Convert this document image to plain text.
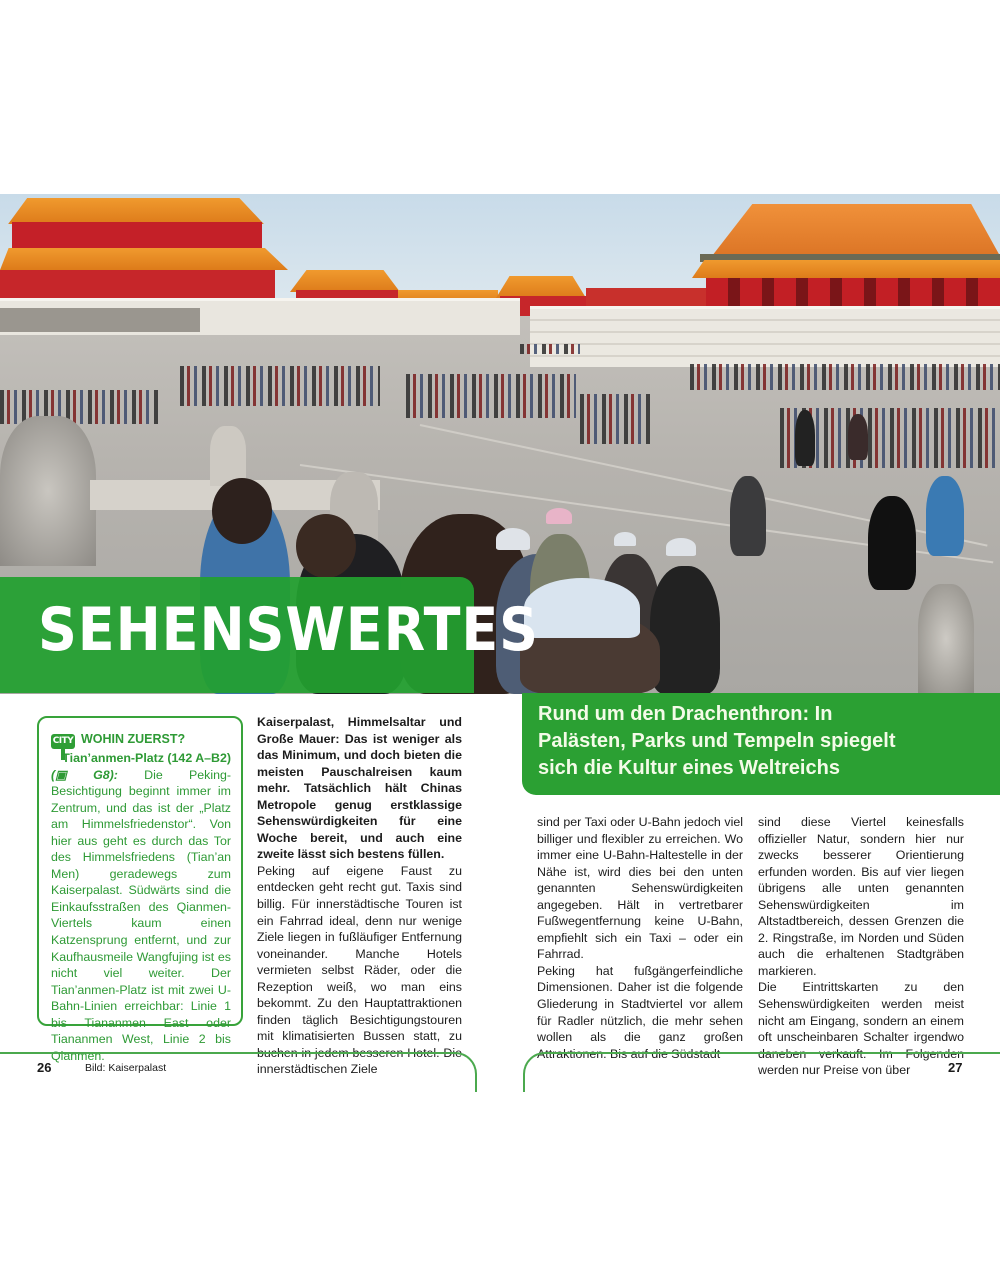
SEHENSWERTES

Rund um den Drachenthron: In
Palästen, Parks und Tempeln spiegelt
sich die Kultur eines Weltreichs

CITY WOHIN ZUERST?
Tian’anmen-Platz (142 A–B2)
(▣ G8): Die Peking-Besichtigung beginnt immer im Zentrum, und das ist der „Platz am Himmelsfriedenstor“. Von hier aus geht es durch das Tor des Himmelsfriedens (Tian’an Men) geradewegs zum Kaiserpalast. Südwärts sind die Einkaufsstraßen des Qianmen-Viertels kaum einen Katzensprung entfernt, und zur Kaufhausmeile Wangfujing ist es nicht viel weiter. Der Tian’anmen-Platz ist mit zwei U-Bahn-Linien erreichbar: Linie 1 bis Tiananmen East oder Tiananmen West, Linie 2 bis Qianmen.

Kaiserpalast, Himmelsaltar und Große Mauer: Das ist weniger als das Minimum, und doch bieten die meisten Pauschalreisen kaum mehr. Tatsächlich hält Chinas Metropole genug erstklassige Sehenswürdigkeiten für eine Woche bereit, und auch eine zweite lässt sich bestens füllen.

Peking auf eigene Faust zu entdecken geht recht gut. Taxis sind billig. Für innerstädtische Touren ist ein Fahrrad ideal, denn nur wenige Ziele liegen in fußläufiger Entfernung voneinander. Manche Hotels vermieten selbst Räder, oder die Rezeption weiß, wo man eins bekommt. Zu den Hauptattraktionen finden täglich Besichtigungstouren mit klimatisierten Bussen statt, zu buchen in jedem besseren Hotel. Die innerstädtischen Ziele

sind per Taxi oder U-Bahn jedoch viel billiger und flexibler zu erreichen. Wo immer eine U-Bahn-Haltestelle in der Nähe ist, wird dies bei den unten genannten Sehenswürdigkeiten angegeben. Hält in vertretbarer Fußwegentfernung keine U-Bahn, empfiehlt sich ein Taxi – oder ein Fahrrad.

Peking hat fußgängerfeindliche Dimensionen. Daher ist die folgende Gliederung in Stadtviertel vor allem für Radler nützlich, die mehr sehen wollen als die ganz großen Attraktionen. Bis auf die Südstadt

sind diese Viertel keinesfalls offizieller Natur, sondern hier nur zwecks besserer Orientierung erfunden worden. Bis auf vier liegen übrigens alle unten genannten Sehenswürdigkeiten im Altstadtbereich, dessen Grenzen die 2. Ringstraße, im Norden und Süden auch die erhaltenen Stadtgräben markieren.

Die Eintrittskarten zu den Sehenswürdigkeiten werden meist nicht am Eingang, sondern an einem oft unscheinbaren Schalter irgendwo daneben verkauft. Im Folgenden werden nur Preise von über

26	Bild: Kaiserpalast	27
